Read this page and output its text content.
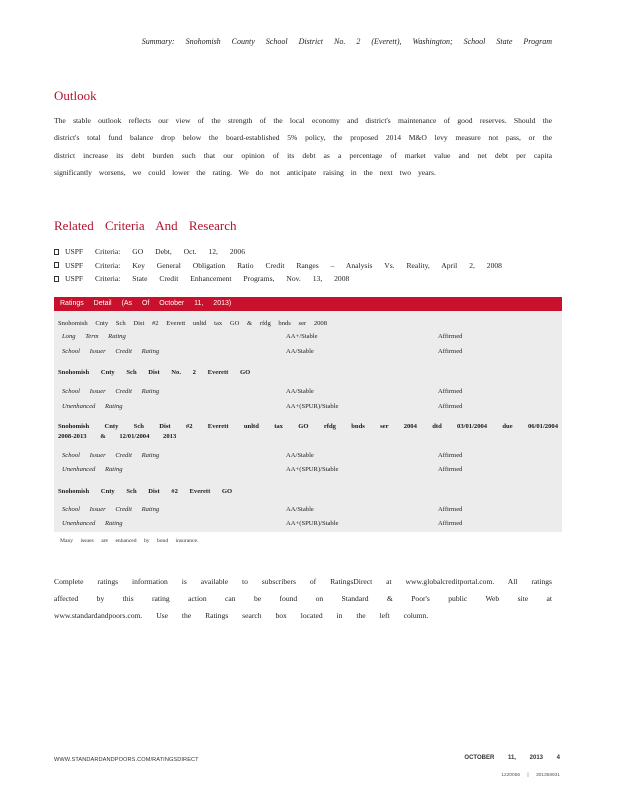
Summary: Snohomish County School District No. 2 (Everett), Washington; School State Program
Outlook
The stable outlook reflects our view of the strength of the local economy and district's maintenance of good reserves. Should the district's total fund balance drop below the board-established 5% policy, the proposed 2014 M&O levy measure not pass, or the district increase its debt burden such that our opinion of its debt as a percentage of market value and net debt per capita significantly worsens, we could lower the rating. We do not anticipate raising in the next two years.
Related Criteria And Research
USPF Criteria: GO Debt, Oct. 12, 2006
USPF Criteria: Key General Obligation Ratio Credit Ranges – Analysis Vs. Reality, April 2, 2008
USPF Criteria: State Credit Enhancement Programs, Nov. 13, 2008
Ratings Detail (As Of October 11, 2013)
Snohomish Cnty Sch Dist #2 Everett unltd tax GO & rfdg bnds ser 2008
Long Term Rating	AA+/Stable	Affirmed
School Issuer Credit Rating	AA/Stable	Affirmed
Snohomish Cnty Sch Dist No. 2 Everett GO
School Issuer Credit Rating	AA/Stable	Affirmed
Unenhanced Rating	AA+(SPUR)/Stable	Affirmed
Snohomish Cnty Sch Dist #2 Everett unltd tax GO rfdg bnds ser 2004 dtd 03/01/2004 due 06/01/2004 2008-2013 & 12/01/2004 2013
School Issuer Credit Rating	AA/Stable	Affirmed
Unenhanced Rating	AA+(SPUR)/Stable	Affirmed
Snohomish Cnty Sch Dist #2 Everett GO
School Issuer Credit Rating	AA/Stable	Affirmed
Unenhanced Rating	AA+(SPUR)/Stable	Affirmed
Many issues are enhanced by bond insurance.
Complete ratings information is available to subscribers of RatingsDirect at www.globalcreditportal.com. All ratings affected by this rating action can be found on Standard & Poor's public Web site at www.standardandpoors.com. Use the Ratings search box located in the left column.
WWW.STANDARDANDPOORS.COM/RATINGSDIRECT	OCTOBER 11, 2013 4
1220056 | 301358931
